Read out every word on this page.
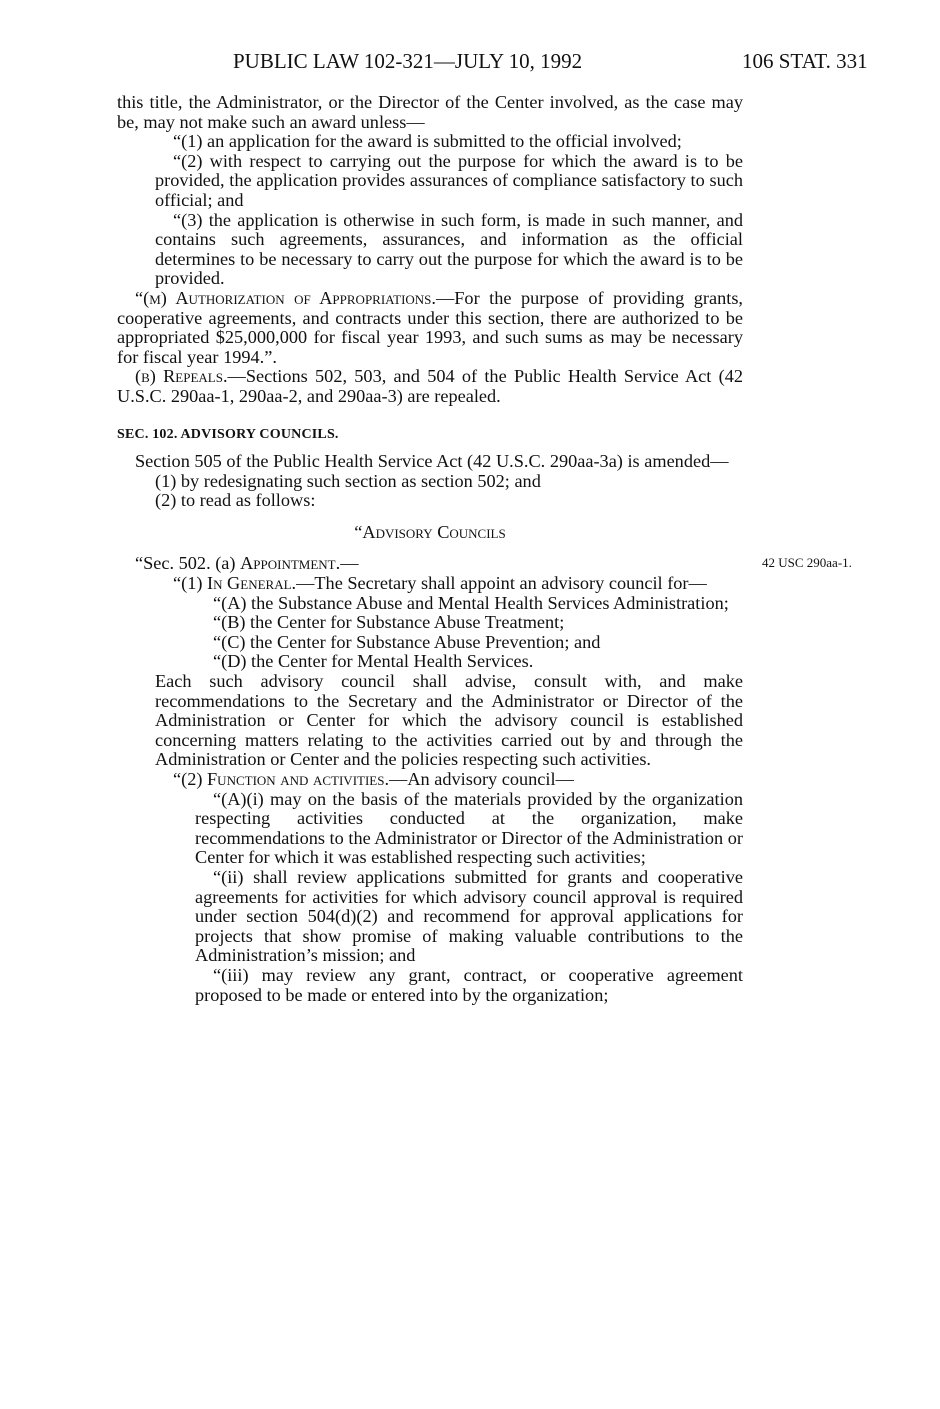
PUBLIC LAW 102-321—JULY 10, 1992	106 STAT. 331
42 USC 290aa-1.

this title, the Administrator, or the Director of the Center involved, as the case may be, may not make such an award unless—

“(1) an application for the award is submitted to the official involved;

“(2) with respect to carrying out the purpose for which the award is to be provided, the application provides assurances of compliance satisfactory to such official; and

“(3) the application is otherwise in such form, is made in such manner, and contains such agreements, assurances, and information as the official determines to be necessary to carry out the purpose for which the award is to be provided.

“(m) Authorization of Appropriations.—For the purpose of providing grants, cooperative agreements, and contracts under this section, there are authorized to be appropriated $25,000,000 for fiscal year 1993, and such sums as may be necessary for fiscal year 1994.”.

(b) Repeals.—Sections 502, 503, and 504 of the Public Health Service Act (42 U.S.C. 290aa-1, 290aa-2, and 290aa-3) are repealed.

SEC. 102. ADVISORY COUNCILS.

Section 505 of the Public Health Service Act (42 U.S.C. 290aa-3a) is amended—

(1) by redesignating such section as section 502; and

(2) to read as follows:

“Advisory Councils

“Sec. 502. (a) Appointment.—

“(1) In General.—The Secretary shall appoint an advisory council for—

“(A) the Substance Abuse and Mental Health Services Administration;

“(B) the Center for Substance Abuse Treatment;

“(C) the Center for Substance Abuse Prevention; and

“(D) the Center for Mental Health Services.

Each such advisory council shall advise, consult with, and make recommendations to the Secretary and the Administrator or Director of the Administration or Center for which the advisory council is established concerning matters relating to the activities carried out by and through the Administration or Center and the policies respecting such activities.

“(2) Function and activities.—An advisory council—

“(A)(i) may on the basis of the materials provided by the organization respecting activities conducted at the organization, make recommendations to the Administrator or Director of the Administration or Center for which it was established respecting such activities;

“(ii) shall review applications submitted for grants and cooperative agreements for activities for which advisory council approval is required under section 504(d)(2) and recommend for approval applications for projects that show promise of making valuable contributions to the Administration’s mission; and

“(iii) may review any grant, contract, or cooperative agreement proposed to be made or entered into by the organization;
